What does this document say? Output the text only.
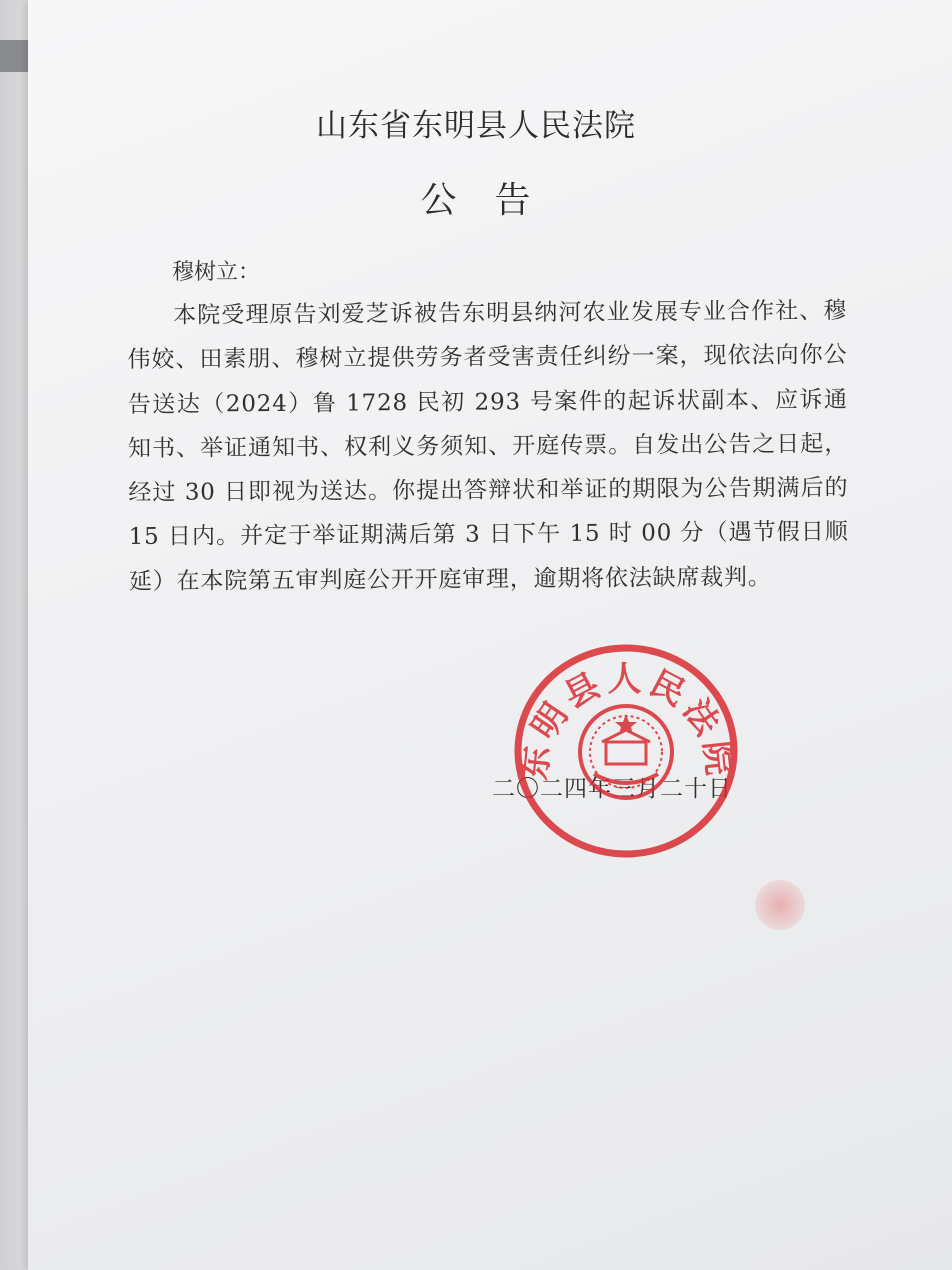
山东省东明县人民法院
公　告
穆树立：
本院受理原告刘爱芝诉被告东明县纳河农业发展专业合作社、穆伟姣、田素朋、穆树立提供劳务者受害责任纠纷一案，现依法向你公告送达（2024）鲁 1728 民初 293 号案件的起诉状副本、应诉通知书、举证通知书、权利义务须知、开庭传票。自发出公告之日起，经过 30 日即视为送达。你提出答辩状和举证的期限为公告期满后的 15 日内。并定于举证期满后第 3 日下午 15 时 00 分（遇节假日顺延）在本院第五审判庭公开开庭审理，逾期将依法缺席裁判。
二〇二四年三月二十日
东明县人民法院
